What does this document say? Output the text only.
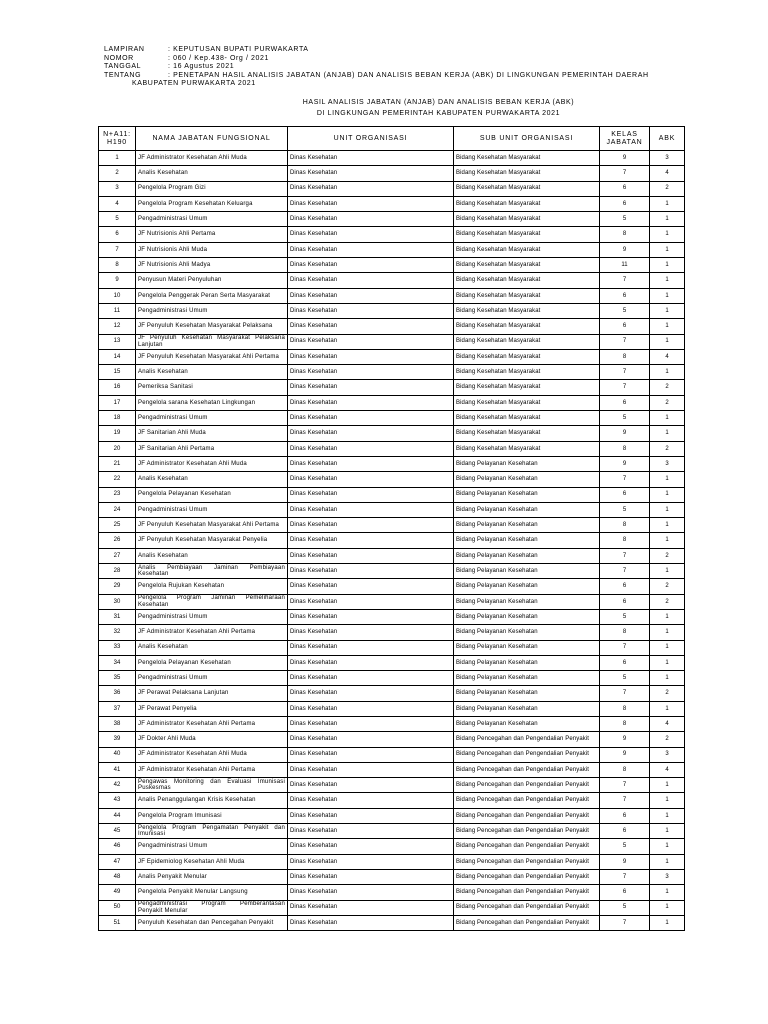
LAMPIRAN	: KEPUTUSAN BUPATI PURWAKARTA
NOMOR	: 060 / Kep.438- Org / 2021
TANGGAL	: 16 Agustus 2021
TENTANG	: PENETAPAN HASIL ANALISIS JABATAN (ANJAB) DAN ANALISIS BEBAN KERJA (ABK) DI LINGKUNGAN PEMERINTAH DAERAH
KABUPATEN PURWAKARTA 2021
HASIL ANALISIS JABATAN (ANJAB) DAN ANALISIS BEBAN KERJA (ABK)
DI LINGKUNGAN PEMERINTAH KABUPATEN PURWAKARTA 2021
N+A11: H190	NAMA JABATAN FUNGSIONAL	UNIT ORGANISASI	SUB UNIT ORGANISASI	KELAS JABATAN	ABK
1	JF Administrator Kesehatan Ahli Muda	Dinas Kesehatan	Bidang Kesehatan Masyarakat	9	3
2	Analis Kesehatan	Dinas Kesehatan	Bidang Kesehatan Masyarakat	7	4
3	Pengelola Program Gizi	Dinas Kesehatan	Bidang Kesehatan Masyarakat	6	2
4	Pengelola Program Kesehatan Keluarga	Dinas Kesehatan	Bidang Kesehatan Masyarakat	6	1
5	Pengadministrasi Umum	Dinas Kesehatan	Bidang Kesehatan Masyarakat	5	1
6	JF Nutrisionis Ahli Pertama	Dinas Kesehatan	Bidang Kesehatan Masyarakat	8	1
7	JF Nutrisionis Ahli Muda	Dinas Kesehatan	Bidang Kesehatan Masyarakat	9	1
8	JF Nutrisionis Ahli Madya	Dinas Kesehatan	Bidang Kesehatan Masyarakat	11	1
9	Penyusun Materi Penyuluhan	Dinas Kesehatan	Bidang Kesehatan Masyarakat	7	1
10	Pengelola Penggerak Peran Serta Masyarakat	Dinas Kesehatan	Bidang Kesehatan Masyarakat	6	1
11	Pengadministrasi Umum	Dinas Kesehatan	Bidang Kesehatan Masyarakat	5	1
12	JF Penyuluh Kesehatan Masyarakat Pelaksana	Dinas Kesehatan	Bidang Kesehatan Masyarakat	6	1
13	JF Penyuluh Kesehatan Masyarakat Pelaksana Lanjutan	Dinas Kesehatan	Bidang Kesehatan Masyarakat	7	1
14	JF Penyuluh Kesehatan Masyarakat Ahli Pertama	Dinas Kesehatan	Bidang Kesehatan Masyarakat	8	4
15	Analis Kesehatan	Dinas Kesehatan	Bidang Kesehatan Masyarakat	7	1
16	Pemeriksa Sanitasi	Dinas Kesehatan	Bidang Kesehatan Masyarakat	7	2
17	Pengelola sarana Kesehatan Lingkungan	Dinas Kesehatan	Bidang Kesehatan Masyarakat	6	2
18	Pengadministrasi Umum	Dinas Kesehatan	Bidang Kesehatan Masyarakat	5	1
19	JF Sanitarian Ahli Muda	Dinas Kesehatan	Bidang Kesehatan Masyarakat	9	1
20	JF Sanitarian Ahli Pertama	Dinas Kesehatan	Bidang Kesehatan Masyarakat	8	2
21	JF Administrator Kesehatan Ahli Muda	Dinas Kesehatan	Bidang Pelayanan Kesehatan	9	3
22	Analis Kesehatan	Dinas Kesehatan	Bidang Pelayanan Kesehatan	7	1
23	Pengelola Pelayanan Kesehatan	Dinas Kesehatan	Bidang Pelayanan Kesehatan	6	1
24	Pengadministrasi Umum	Dinas Kesehatan	Bidang Pelayanan Kesehatan	5	1
25	JF Penyuluh Kesehatan Masyarakat Ahli Pertama	Dinas Kesehatan	Bidang Pelayanan Kesehatan	8	1
26	JF Penyuluh Kesehatan Masyarakat Penyelia	Dinas Kesehatan	Bidang Pelayanan Kesehatan	8	1
27	Analis Kesehatan	Dinas Kesehatan	Bidang Pelayanan Kesehatan	7	2
28	Analis Pembiayaan Jaminan Pembiayaan Kesehatan	Dinas Kesehatan	Bidang Pelayanan Kesehatan	7	1
29	Pengelola Rujukan Kesehatan	Dinas Kesehatan	Bidang Pelayanan Kesehatan	6	2
30	Pengelola Program Jaminan Pemeliharaan Kesehatan	Dinas Kesehatan	Bidang Pelayanan Kesehatan	6	2
31	Pengadministrasi Umum	Dinas Kesehatan	Bidang Pelayanan Kesehatan	5	1
32	JF Administrator Kesehatan Ahli Pertama	Dinas Kesehatan	Bidang Pelayanan Kesehatan	8	1
33	Analis Kesehatan	Dinas Kesehatan	Bidang Pelayanan Kesehatan	7	1
34	Pengelola Pelayanan Kesehatan	Dinas Kesehatan	Bidang Pelayanan Kesehatan	6	1
35	Pengadministrasi Umum	Dinas Kesehatan	Bidang Pelayanan Kesehatan	5	1
36	JF Perawat Pelaksana Lanjutan	Dinas Kesehatan	Bidang Pelayanan Kesehatan	7	2
37	JF Perawat Penyelia	Dinas Kesehatan	Bidang Pelayanan Kesehatan	8	1
38	JF Administrator Kesehatan Ahli Pertama	Dinas Kesehatan	Bidang Pelayanan Kesehatan	8	4
39	JF Dokter Ahli Muda	Dinas Kesehatan	Bidang Pencegahan dan Pengendalian Penyakit	9	2
40	JF Administrator Kesehatan Ahli Muda	Dinas Kesehatan	Bidang Pencegahan dan Pengendalian Penyakit	9	3
41	JF Administrator Kesehatan Ahli Pertama	Dinas Kesehatan	Bidang Pencegahan dan Pengendalian Penyakit	8	4
42	Pengawas Monitoring dan Evaluasi Imunisasi Puskesmas	Dinas Kesehatan	Bidang Pencegahan dan Pengendalian Penyakit	7	1
43	Analis Penanggulangan Krisis Kesehatan	Dinas Kesehatan	Bidang Pencegahan dan Pengendalian Penyakit	7	1
44	Pengelola Program Imunisasi	Dinas Kesehatan	Bidang Pencegahan dan Pengendalian Penyakit	6	1
45	Pengelola Program Pengamatan Penyakit dan Imunisasi	Dinas Kesehatan	Bidang Pencegahan dan Pengendalian Penyakit	6	1
46	Pengadministrasi Umum	Dinas Kesehatan	Bidang Pencegahan dan Pengendalian Penyakit	5	1
47	JF Epidemiolog Kesehatan Ahli Muda	Dinas Kesehatan	Bidang Pencegahan dan Pengendalian Penyakit	9	1
48	Analis Penyakit Menular	Dinas Kesehatan	Bidang Pencegahan dan Pengendalian Penyakit	7	3
49	Pengelola Penyakit Menular Langsung	Dinas Kesehatan	Bidang Pencegahan dan Pengendalian Penyakit	6	1
50	Pengadministrasi Program Pemberantasan Penyakit Menular	Dinas Kesehatan	Bidang Pencegahan dan Pengendalian Penyakit	5	1
51	Penyuluh Kesehatan dan Pencegahan Penyakit	Dinas Kesehatan	Bidang Pencegahan dan Pengendalian Penyakit	7	1
